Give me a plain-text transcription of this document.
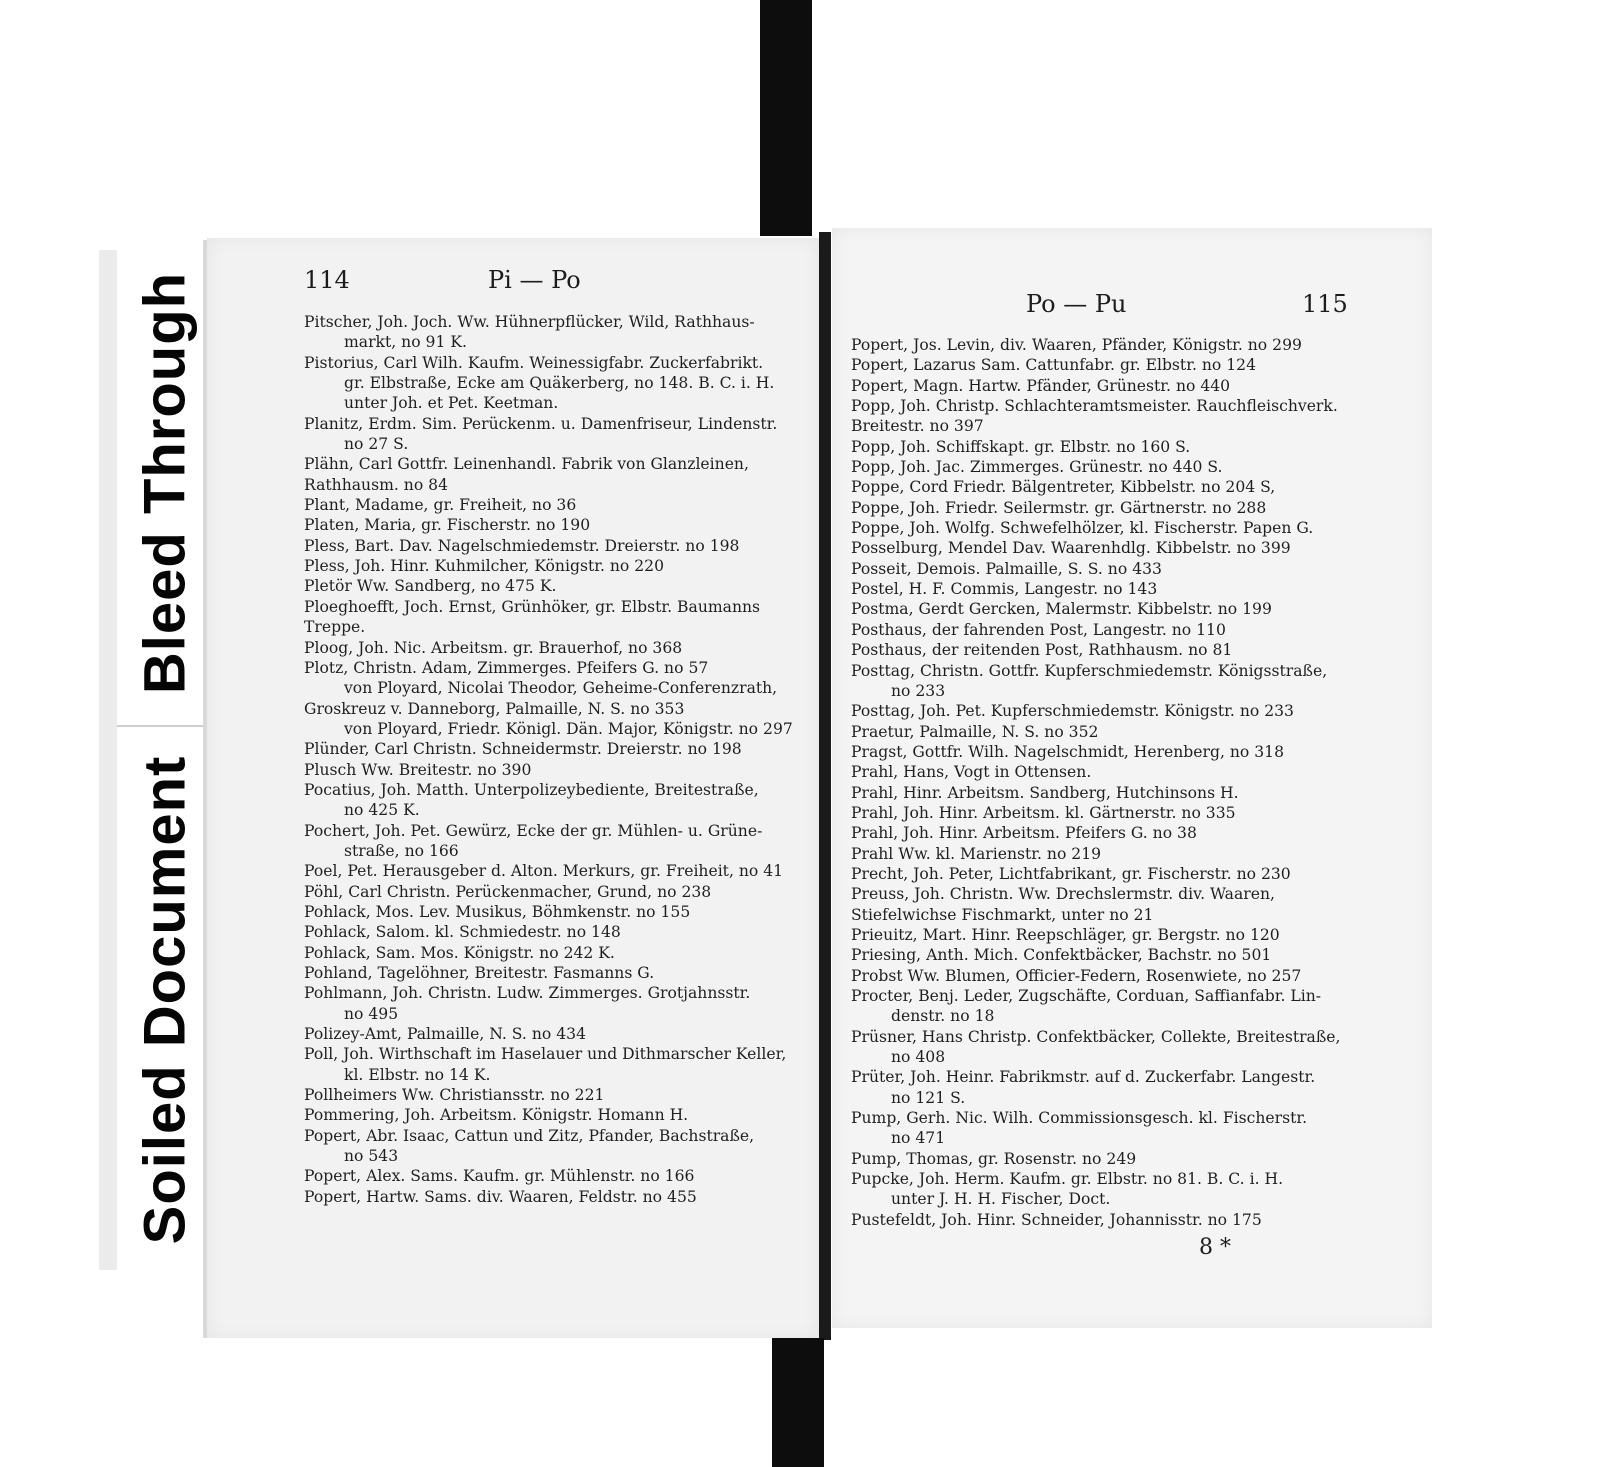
Bleed Through
Soiled Document
114	Pi — Po
Po — Pu	115
Pitscher, Joh. Joch. Ww. Hühnerpflücker, Wild, Rathhaus-
markt, no 91 K.
Pistorius, Carl Wilh. Kaufm. Weinessigfabr. Zuckerfabrikt.
gr. Elbstraße, Ecke am Quäkerberg, no 148. B. C. i. H.
unter Joh. et Pet. Keetman.
Planitz, Erdm. Sim. Perückenm. u. Damenfriseur, Lindenstr.
no 27 S.
Plähn, Carl Gottfr. Leinenhandl. Fabrik von Glanzleinen,
Rathhausm. no 84
Plant, Madame, gr. Freiheit, no 36
Platen, Maria, gr. Fischerstr. no 190
Pless, Bart. Dav. Nagelschmiedemstr. Dreierstr. no 198
Pless, Joh. Hinr. Kuhmilcher, Königstr. no 220
Pletör Ww. Sandberg, no 475 K.
Ploeghoefft, Joch. Ernst, Grünhöker, gr. Elbstr. Baumanns
Treppe.
Ploog, Joh. Nic. Arbeitsm. gr. Brauerhof, no 368
Plotz, Christn. Adam, Zimmerges. Pfeifers G. no 57
von Ployard, Nicolai Theodor, Geheime-Conferenzrath,
Groskreuz v. Danneborg, Palmaille, N. S. no 353
von Ployard, Friedr. Königl. Dän. Major, Königstr. no 297
Plünder, Carl Christn. Schneidermstr. Dreierstr. no 198
Plusch Ww. Breitestr. no 390
Pocatius, Joh. Matth. Unterpolizeybediente, Breitestraße,
no 425 K.
Pochert, Joh. Pet. Gewürz, Ecke der gr. Mühlen- u. Grüne-
straße, no 166
Poel, Pet. Herausgeber d. Alton. Merkurs, gr. Freiheit, no 41
Pöhl, Carl Christn. Perückenmacher, Grund, no 238
Pohlack, Mos. Lev. Musikus, Böhmkenstr. no 155
Pohlack, Salom. kl. Schmiedestr. no 148
Pohlack, Sam. Mos. Königstr. no 242 K.
Pohland, Tagelöhner, Breitestr. Fasmanns G.
Pohlmann, Joh. Christn. Ludw. Zimmerges. Grotjahnsstr.
no 495
Polizey-Amt, Palmaille, N. S. no 434
Poll, Joh. Wirthschaft im Haselauer und Dithmarscher Keller,
kl. Elbstr. no 14 K.
Pollheimers Ww. Christiansstr. no 221
Pommering, Joh. Arbeitsm. Königstr. Homann H.
Popert, Abr. Isaac, Cattun und Zitz, Pfander, Bachstraße,
no 543
Popert, Alex. Sams. Kaufm. gr. Mühlenstr. no 166
Popert, Hartw. Sams. div. Waaren, Feldstr. no 455
Popert, Jos. Levin, div. Waaren, Pfänder, Königstr. no 299
Popert, Lazarus Sam. Cattunfabr. gr. Elbstr. no 124
Popert, Magn. Hartw. Pfänder, Grünestr. no 440
Popp, Joh. Christp. Schlachteramtsmeister. Rauchfleischverk.
Breitestr. no 397
Popp, Joh. Schiffskapt. gr. Elbstr. no 160 S.
Popp, Joh. Jac. Zimmerges. Grünestr. no 440 S.
Poppe, Cord Friedr. Bälgentreter, Kibbelstr. no 204 S,
Poppe, Joh. Friedr. Seilermstr. gr. Gärtnerstr. no 288
Poppe, Joh. Wolfg. Schwefelhölzer, kl. Fischerstr. Papen G.
Posselburg, Mendel Dav. Waarenhdlg. Kibbelstr. no 399
Posseit, Demois. Palmaille, S. S. no 433
Postel, H. F. Commis, Langestr. no 143
Postma, Gerdt Gercken, Malermstr. Kibbelstr. no 199
Posthaus, der fahrenden Post, Langestr. no 110
Posthaus, der reitenden Post, Rathhausm. no 81
Posttag, Christn. Gottfr. Kupferschmiedemstr. Königsstraße,
no 233
Posttag, Joh. Pet. Kupferschmiedemstr. Königstr. no 233
Praetur, Palmaille, N. S. no 352
Pragst, Gottfr. Wilh. Nagelschmidt, Herenberg, no 318
Prahl, Hans, Vogt in Ottensen.
Prahl, Hinr. Arbeitsm. Sandberg, Hutchinsons H.
Prahl, Joh. Hinr. Arbeitsm. kl. Gärtnerstr. no 335
Prahl, Joh. Hinr. Arbeitsm. Pfeifers G. no 38
Prahl Ww. kl. Marienstr. no 219
Precht, Joh. Peter, Lichtfabrikant, gr. Fischerstr. no 230
Preuss, Joh. Christn. Ww. Drechslermstr. div. Waaren,
Stiefelwichse Fischmarkt, unter no 21
Prieuitz, Mart. Hinr. Reepschläger, gr. Bergstr. no 120
Priesing, Anth. Mich. Confektbäcker, Bachstr. no 501
Probst Ww. Blumen, Officier-Federn, Rosenwiete, no 257
Procter, Benj. Leder, Zugschäfte, Corduan, Saffianfabr. Lin-
denstr. no 18
Prüsner, Hans Christp. Confektbäcker, Collekte, Breitestraße,
no 408
Prüter, Joh. Heinr. Fabrikmstr. auf d. Zuckerfabr. Langestr.
no 121 S.
Pump, Gerh. Nic. Wilh. Commissionsgesch. kl. Fischerstr.
no 471
Pump, Thomas, gr. Rosenstr. no 249
Pupcke, Joh. Herm. Kaufm. gr. Elbstr. no 81. B. C. i. H.
unter J. H. H. Fischer, Doct.
Pustefeldt, Joh. Hinr. Schneider, Johannisstr. no 175
8 *
